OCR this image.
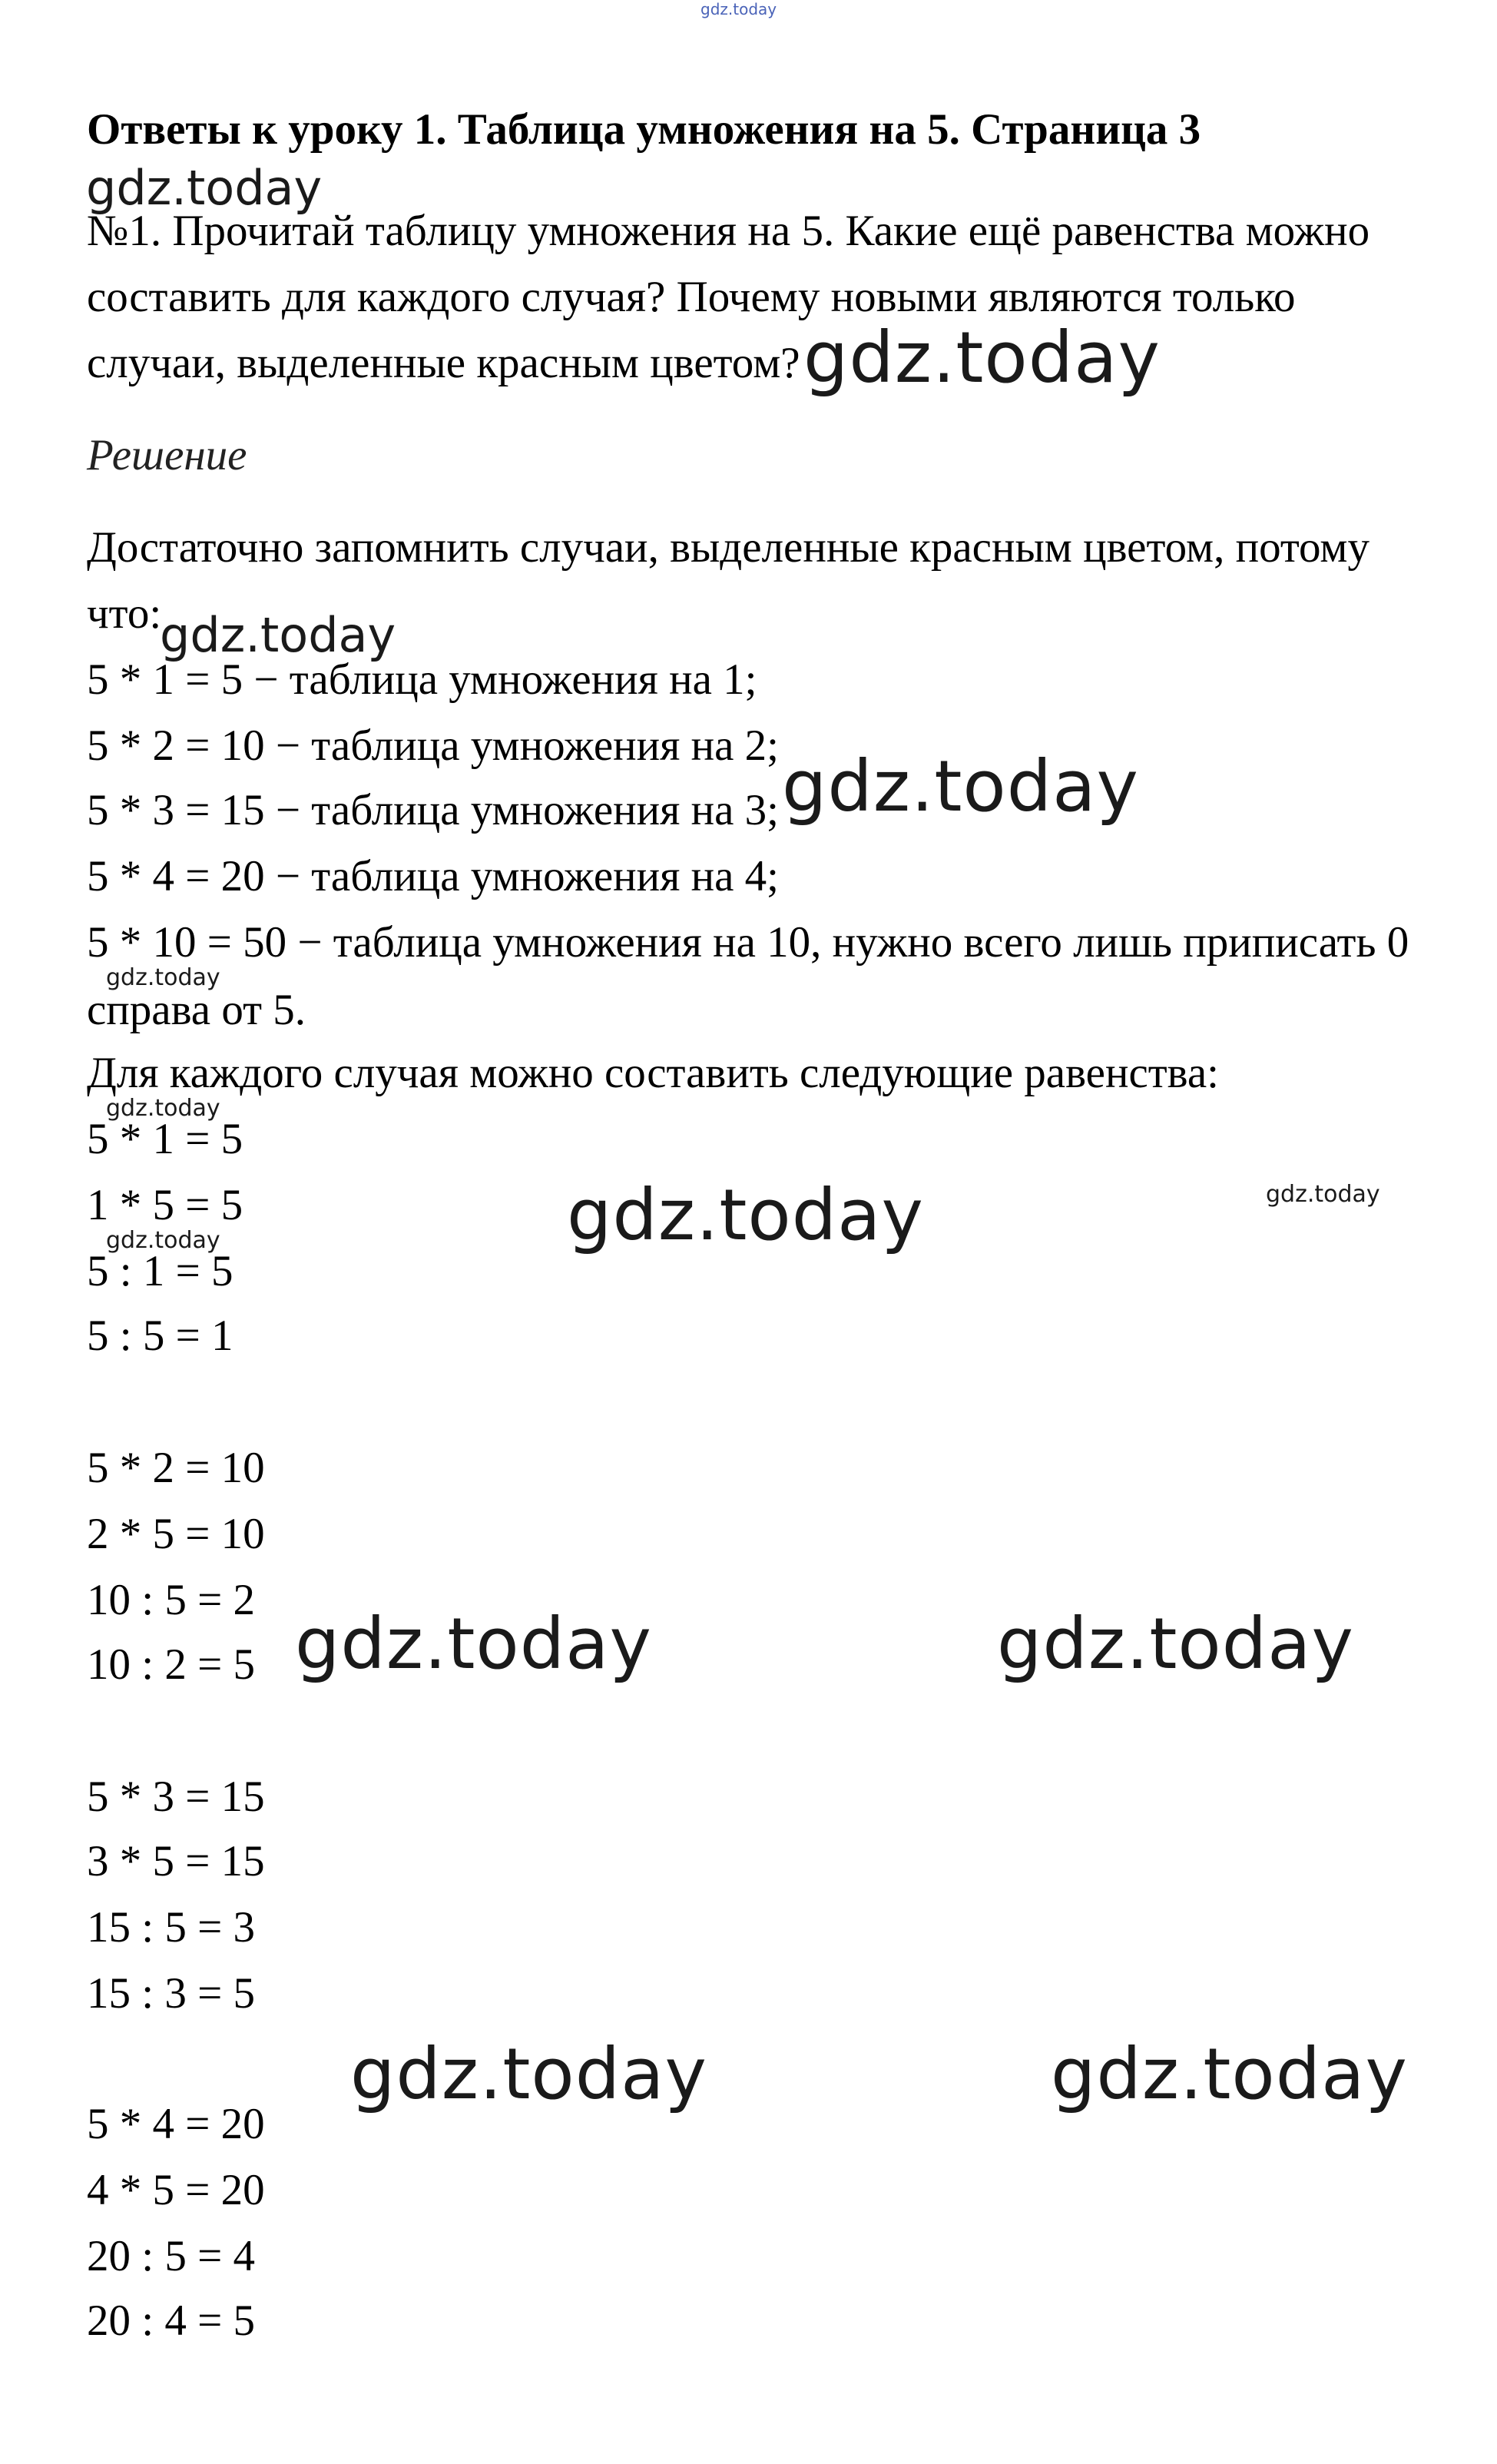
gdz.today
Ответы к уроку 1. Таблица умножения на 5. Страница 3
№1. Прочитай таблицу умножения на 5. Какие ещё равенства можно
составить для каждого случая? Почему новыми являются только
случаи, выделенные красным цветом?
Решение
Достаточно запомнить случаи, выделенные красным цветом, потому
что:
5 * 1 = 5 − таблица умножения на 1;
5 * 2 = 10 − таблица умножения на 2;
5 * 3 = 15 − таблица умножения на 3;
5 * 4 = 20 − таблица умножения на 4;
5 * 10 = 50 − таблица умножения на 10, нужно всего лишь приписать 0
справа от 5.
Для каждого случая можно составить следующие равенства:
5 * 1 = 5
1 * 5 = 5
5 : 1 = 5
5 : 5 = 1
5 * 2 = 10
2 * 5 = 10
10 : 5 = 2
10 : 2 = 5
5 * 3 = 15
3 * 5 = 15
15 : 5 = 3
15 : 3 = 5
5 * 4 = 20
4 * 5 = 20
20 : 5 = 4
20 : 4 = 5
gdz.today
gdz.today
gdz.today
gdz.today
gdz.today
gdz.today
gdz.today	gdz.today
gdz.today
gdz.today	gdz.today
gdz.today	gdz.today
